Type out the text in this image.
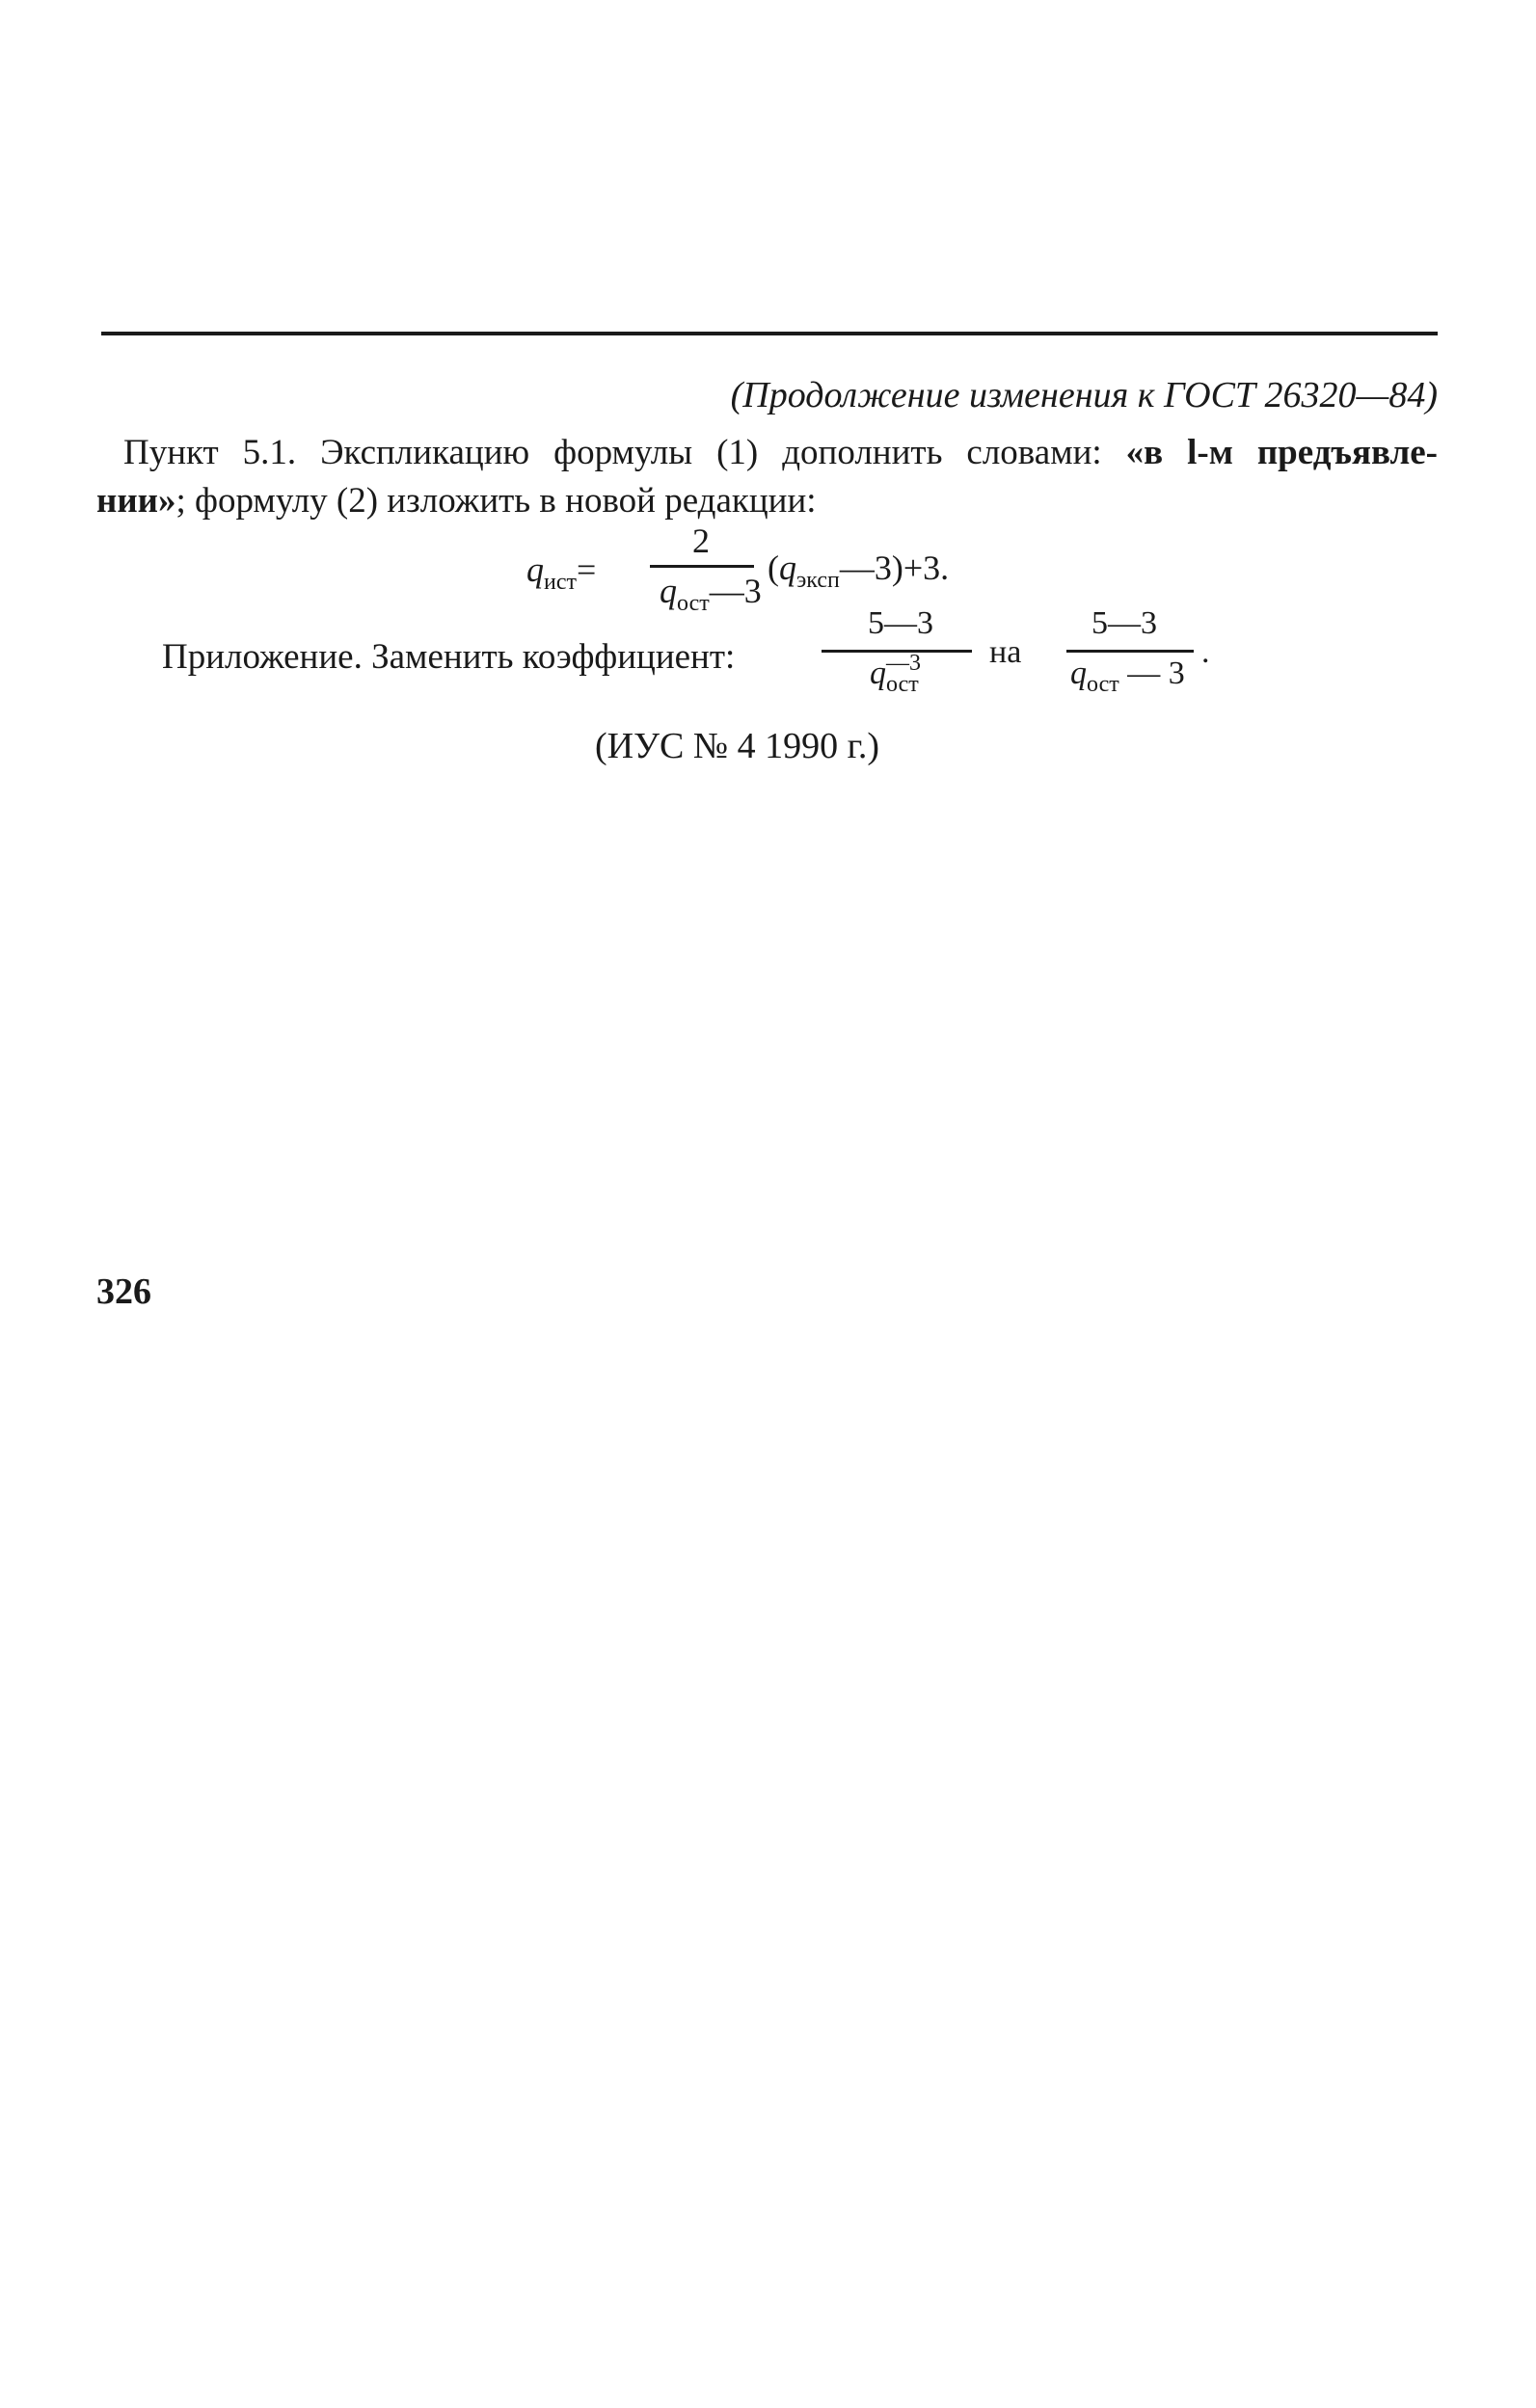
(Продолжение изменения к ГОСТ 26320—84)
Пункт 5.1. Экспликацию формулы (1) дополнить словами: «в l-м предъявле-
нии»; формулу (2) изложить в новой редакции:
$q_{ист}=$
2
$q_{ост}—3$
$(q_{эксп}—3)+3$.
Приложение. Заменить коэффициент:
5—3
$q^{—3}_{ост}$
на
5—3
$q_{ост}$ — 3
.
(ИУС № 4 1990 г.)
326
